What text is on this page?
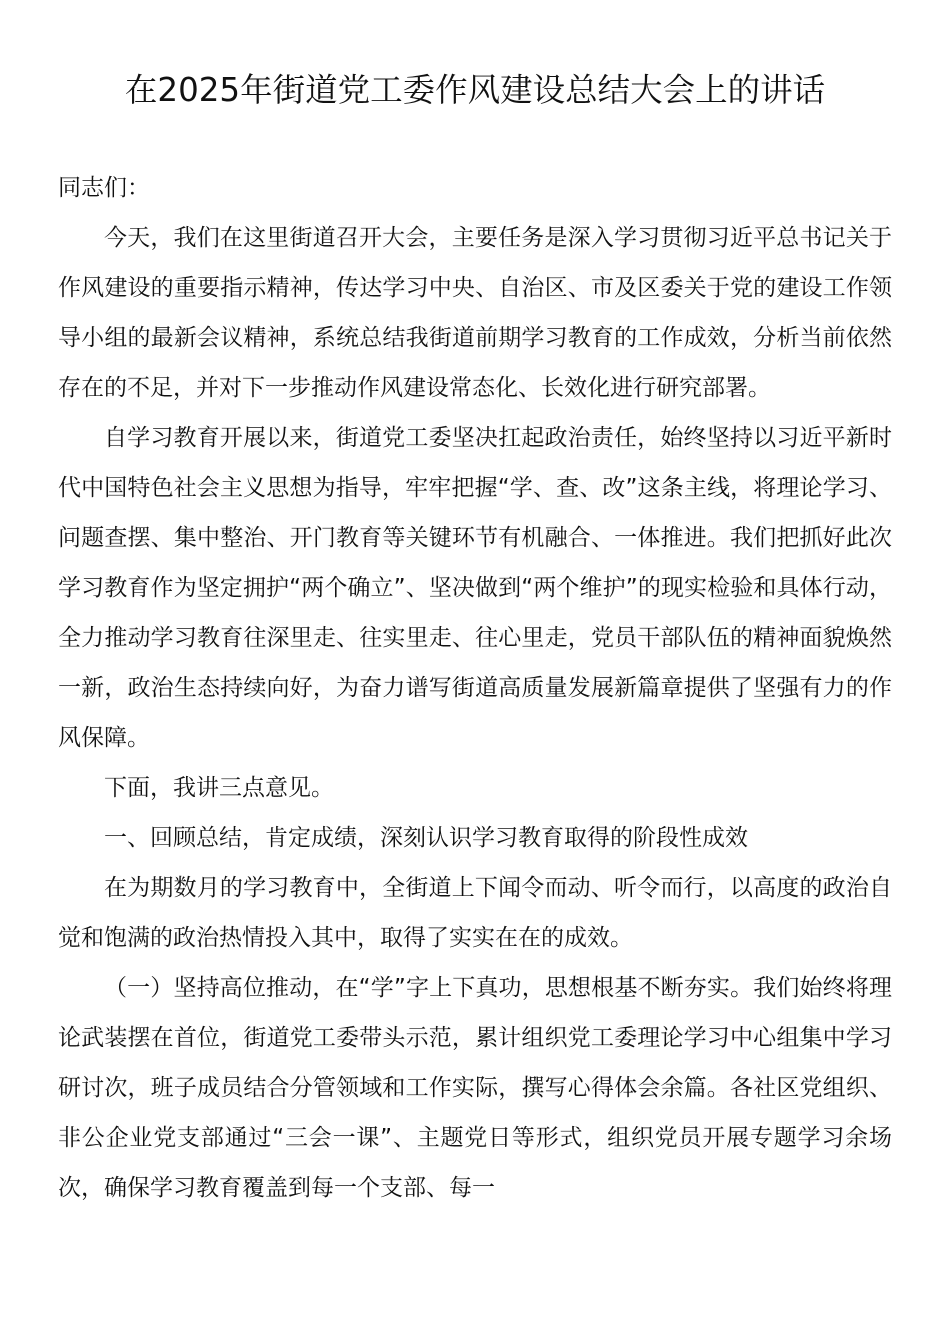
在2025年街道党工委作风建设总结大会上的讲话

同志们：

今天，我们在这里街道召开大会，主要任务是深入学习贯彻习近平总书记关于作风建设的重要指示精神，传达学习中央、自治区、市及区委关于党的建设工作领导小组的最新会议精神，系统总结我街道前期学习教育的工作成效，分析当前依然存在的不足，并对下一步推动作风建设常态化、长效化进行研究部署。

自学习教育开展以来，街道党工委坚决扛起政治责任，始终坚持以习近平新时代中国特色社会主义思想为指导，牢牢把握“学、查、改”这条主线，将理论学习、问题查摆、集中整治、开门教育等关键环节有机融合、一体推进。我们把抓好此次学习教育作为坚定拥护“两个确立”、坚决做到“两个维护”的现实检验和具体行动，全力推动学习教育往深里走、往实里走、往心里走，党员干部队伍的精神面貌焕然一新，政治生态持续向好，为奋力谱写街道高质量发展新篇章提供了坚强有力的作风保障。

下面，我讲三点意见。

一、回顾总结，肯定成绩，深刻认识学习教育取得的阶段性成效

在为期数月的学习教育中，全街道上下闻令而动、听令而行，以高度的政治自觉和饱满的政治热情投入其中，取得了实实在在的成效。

（一）坚持高位推动，在“学”字上下真功，思想根基不断夯实。我们始终将理论武装摆在首位，街道党工委带头示范，累计组织党工委理论学习中心组集中学习研讨次，班子成员结合分管领域和工作实际，撰写心得体会余篇。各社区党组织、非公企业党支部通过“三会一课”、主题党日等形式，组织党员开展专题学习余场次，确保学习教育覆盖到每一个支部、每一
